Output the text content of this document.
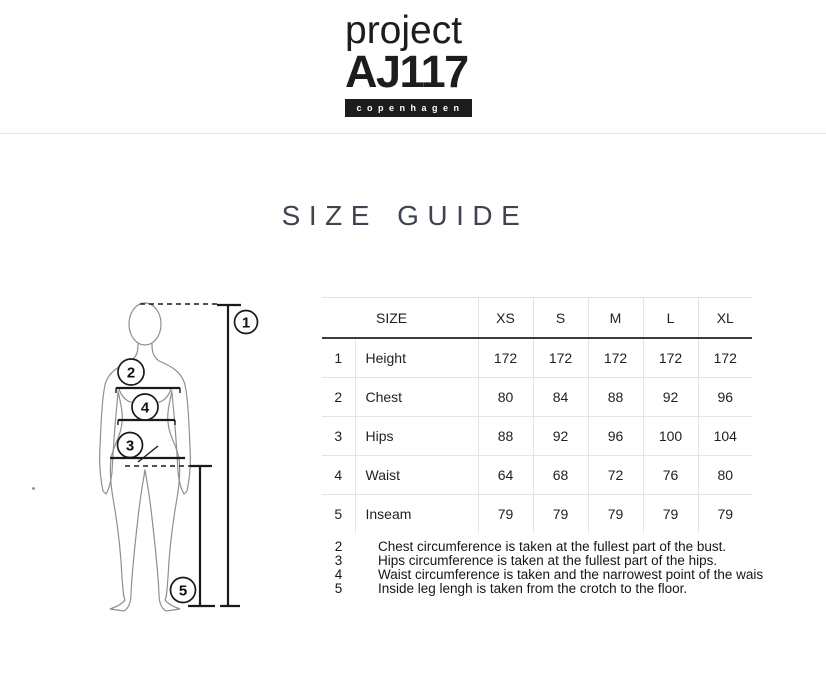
project
AJ117
copenhagen
SIZE GUIDE
1
2
4
3
5
	SIZE	XS	S	M	L	XL
1	Height	172	172	172	172	172
2	Chest	80	84	88	92	96
3	Hips	88	92	96	100	104
4	Waist	64	68	72	76	80
5	Inseam	79	79	79	79	79
2	Chest circumference is taken at the fullest part of the bust.
3	Hips circumference is taken at the fullest part of the hips.
4	Waist circumference is taken and the narrowest point of the wais
5	Inside leg lengh is taken from the crotch to the floor.
